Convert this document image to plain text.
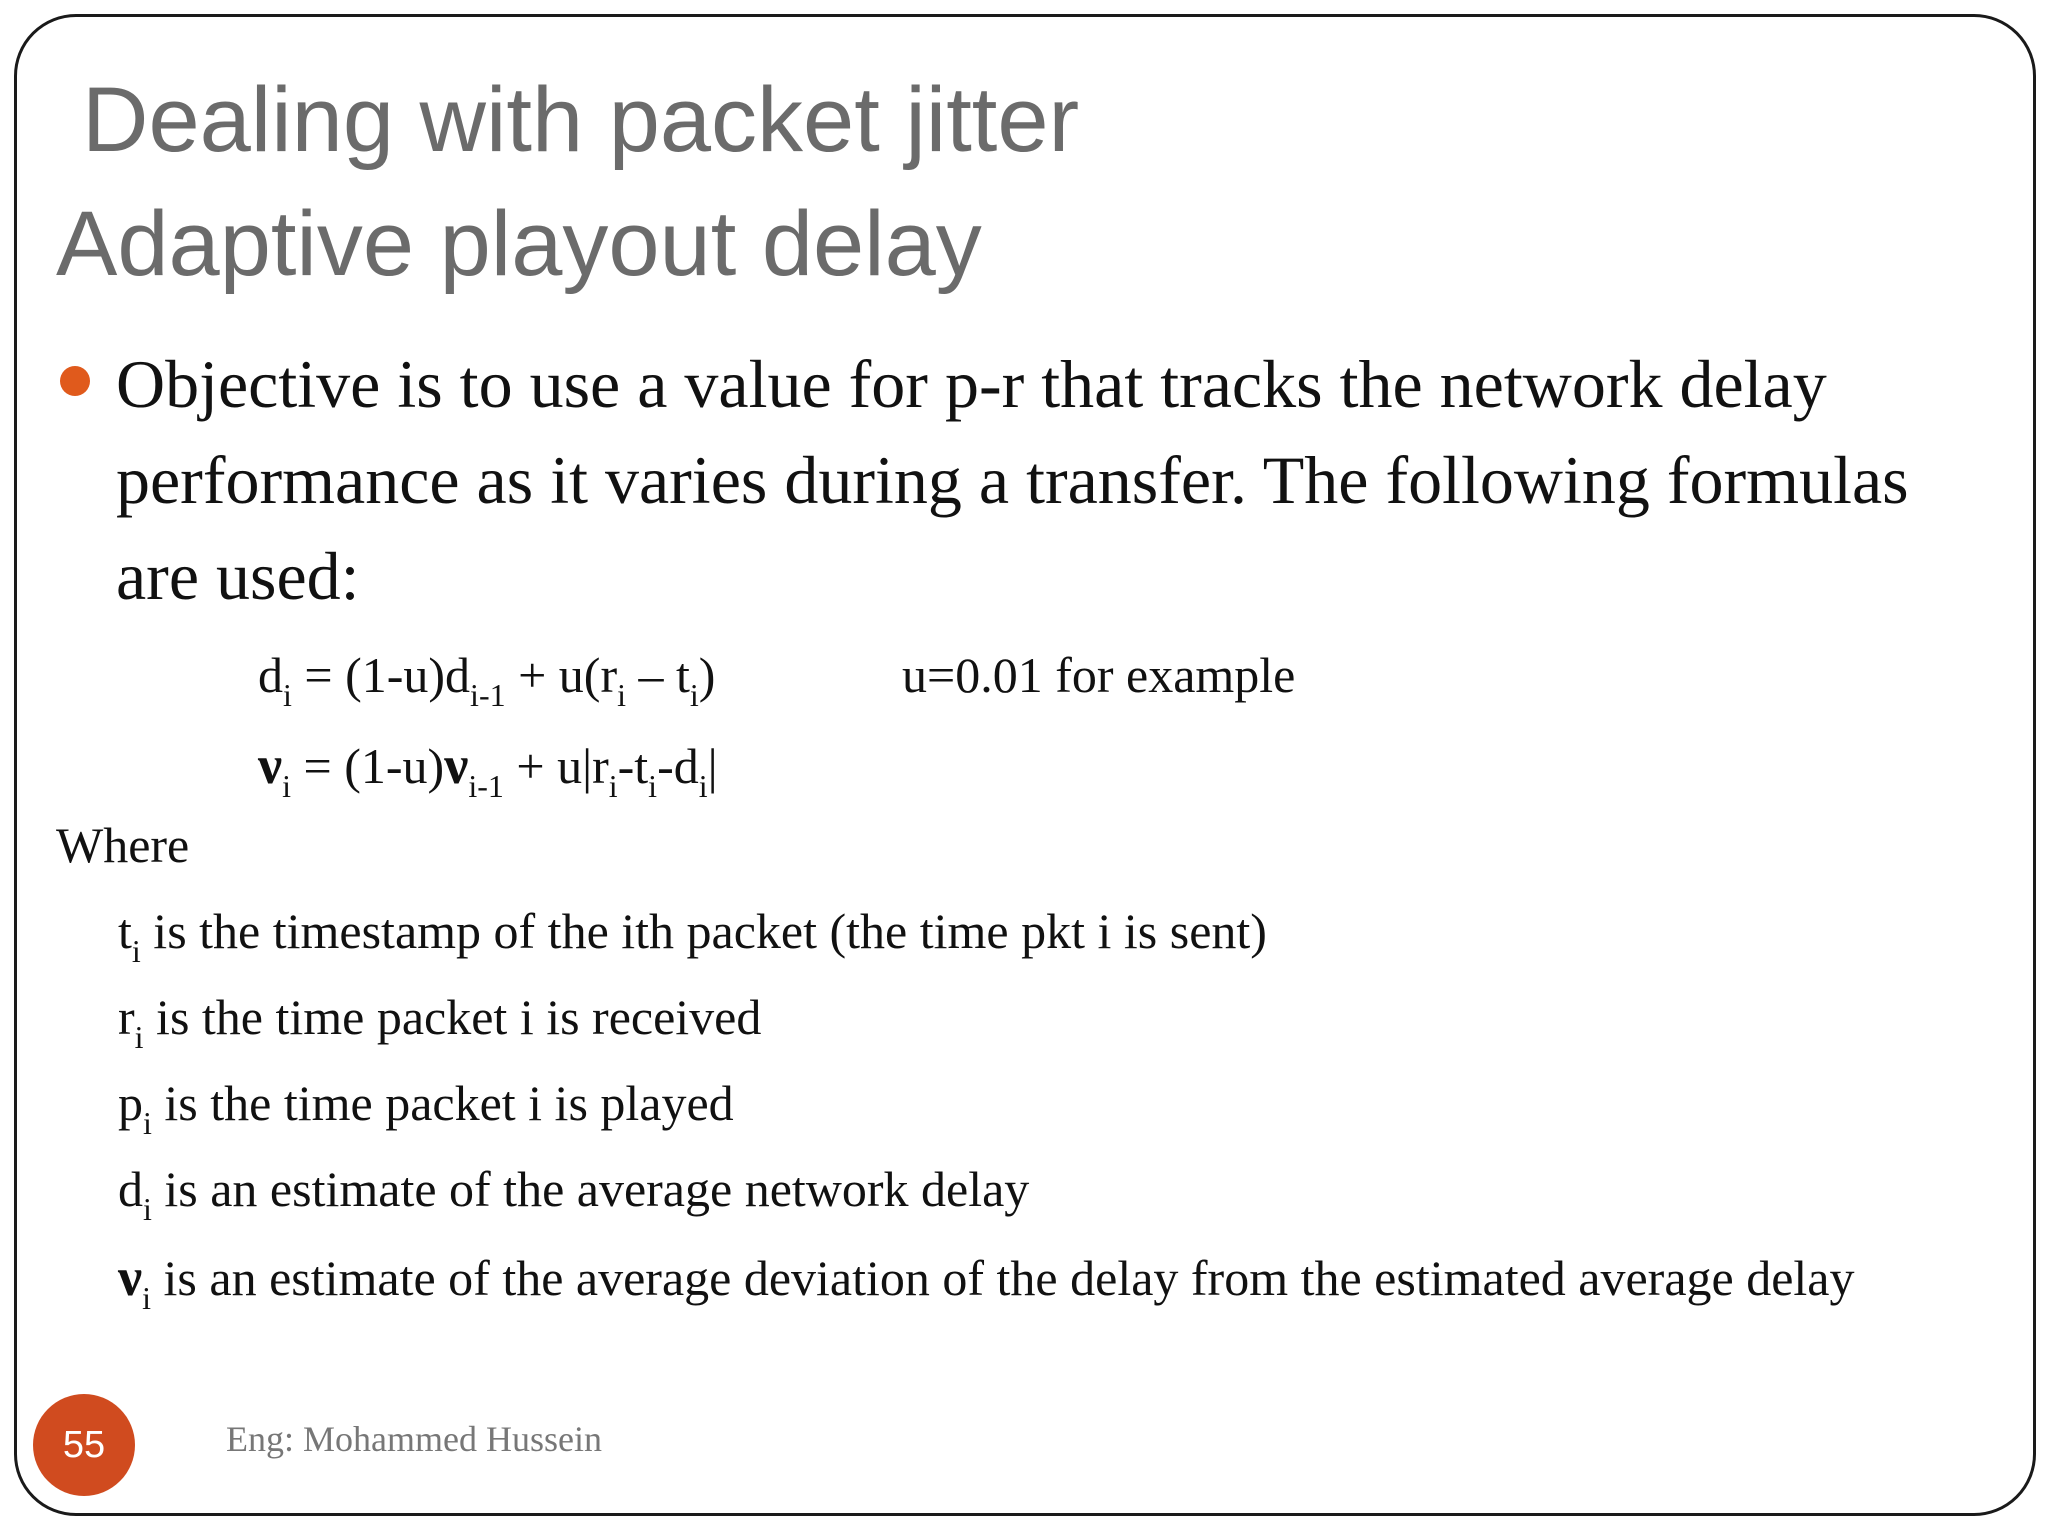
Dealing with packet jitter
Adaptive playout delay
Objective is to use a value for p-r that tracks the network delay performance as it varies during a transfer. The following formulas are used:
$d_i = (1-u)d_{i-1} + u(r_i - t_i)$	u=0.01 for example
$\nu_i = (1-u)\nu_{i-1} + u|r_i-t_i-d_i|$
Where
$t_i$ is the timestamp of the ith packet (the time pkt i is sent)
$r_i$ is the time packet i is received
$p_i$ is the time packet i is played
$d_i$ is an estimate of the average network delay
$\nu_i$ is an estimate of the average deviation of the delay from the estimated average delay
55	Eng: Mohammed Hussein
